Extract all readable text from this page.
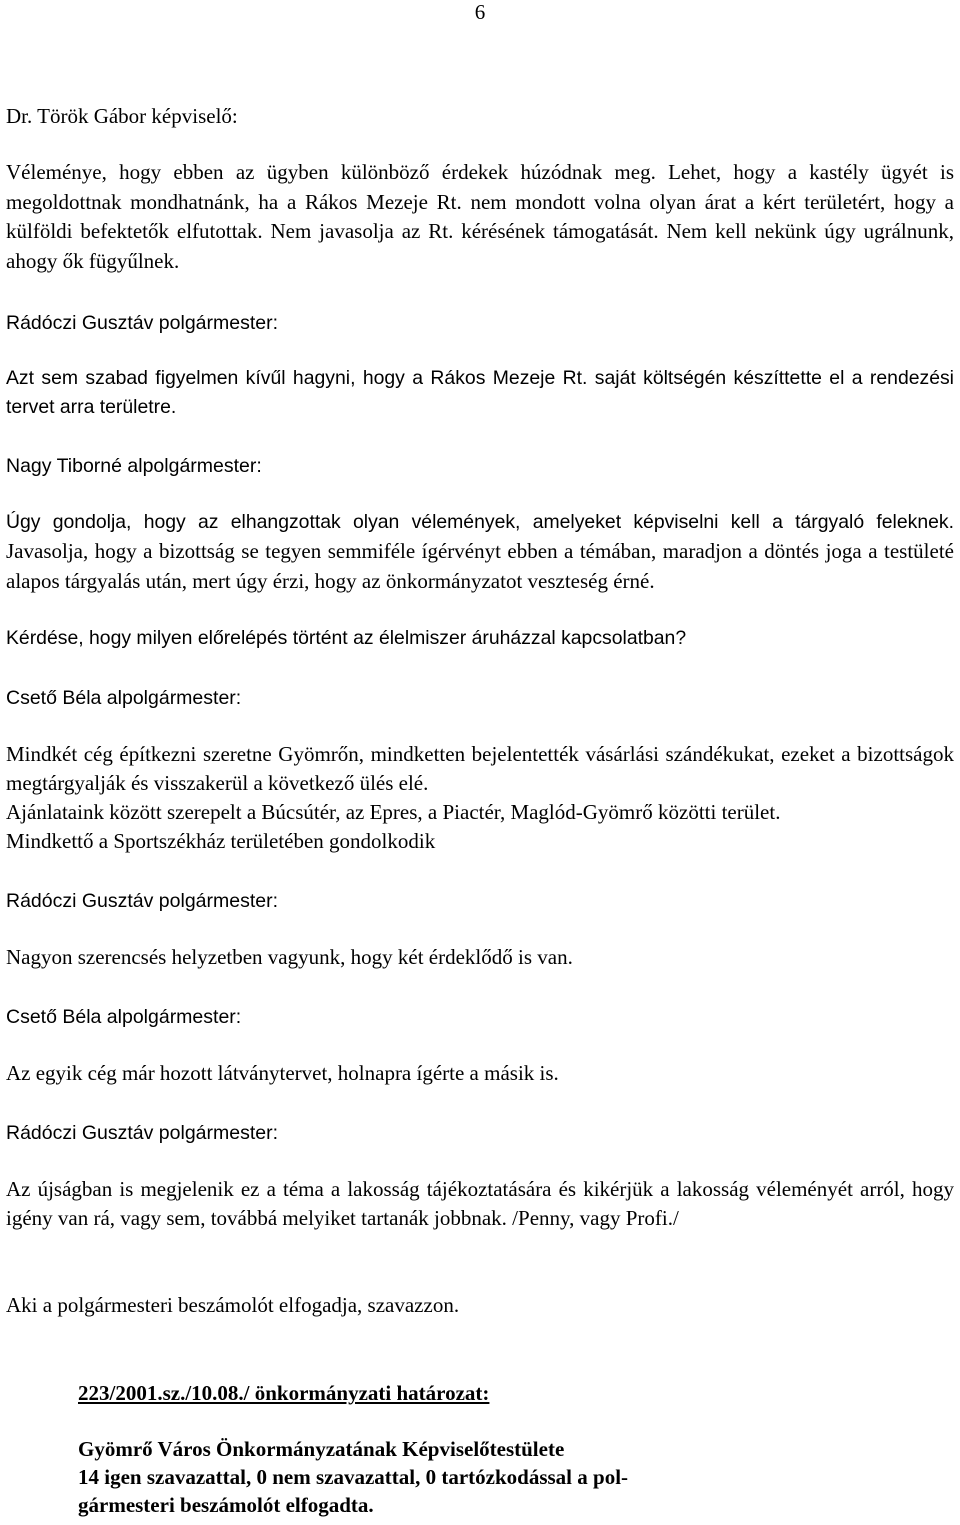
6
Dr. Török Gábor képviselő:
Véleménye, hogy ebben az ügyben különböző érdekek húzódnak meg. Lehet, hogy a kastély ügyét is megoldottnak mondhatnánk, ha a Rákos Mezeje Rt. nem mondott volna olyan árat a kért területért, hogy a külföldi befektetők elfutottak. Nem javasolja az Rt. kérésének támogatását. Nem kell nekünk úgy ugrálnunk, ahogy ők fügyűlnek.
Rádóczi Gusztáv polgármester:
Azt sem szabad figyelmen kívűl hagyni, hogy a Rákos Mezeje Rt. saját költségén készíttette el a rendezési tervet arra területre.
Nagy Tiborné alpolgármester:
Úgy gondolja, hogy az elhangzottak olyan vélemények, amelyeket képviselni kell a tárgyaló feleknek. Javasolja, hogy a bizottság se tegyen semmiféle ígérvényt ebben a témában, maradjon a döntés joga a testületé alapos tárgyalás után, mert úgy érzi, hogy az önkormányzatot veszteség érné.
Kérdése, hogy milyen előrelépés történt az élelmiszer áruházzal kapcsolatban?
Csető Béla alpolgármester:
Mindkét cég építkezni szeretne Gyömrőn, mindketten bejelentették vásárlási szándékukat, ezeket a bizottságok megtárgyalják és visszakerül a következő ülés elé.
Ajánlataink között szerepelt a Búcsútér, az Epres, a Piactér, Maglód-Gyömrő közötti terület.
Mindkettő a Sportszékház területében gondolkodik
Rádóczi Gusztáv polgármester:
Nagyon szerencsés helyzetben vagyunk, hogy két érdeklődő is van.
Csető Béla alpolgármester:
Az egyik cég már hozott látványtervet, holnapra ígérte a másik is.
Rádóczi Gusztáv polgármester:
Az újságban is megjelenik ez a téma a lakosság tájékoztatására és kikérjük a lakosság véleményét arról, hogy igény van rá, vagy sem, továbbá melyiket tartanák jobbnak. /Penny, vagy Profi./
Aki a polgármesteri beszámolót elfogadja, szavazzon.
223/2001.sz./10.08./ önkormányzati határozat:
Gyömrő Város Önkormányzatának Képviselőtestülete
14 igen szavazattal, 0 nem szavazattal, 0 tartózkodással a pol-
gármesteri beszámolót elfogadta.
